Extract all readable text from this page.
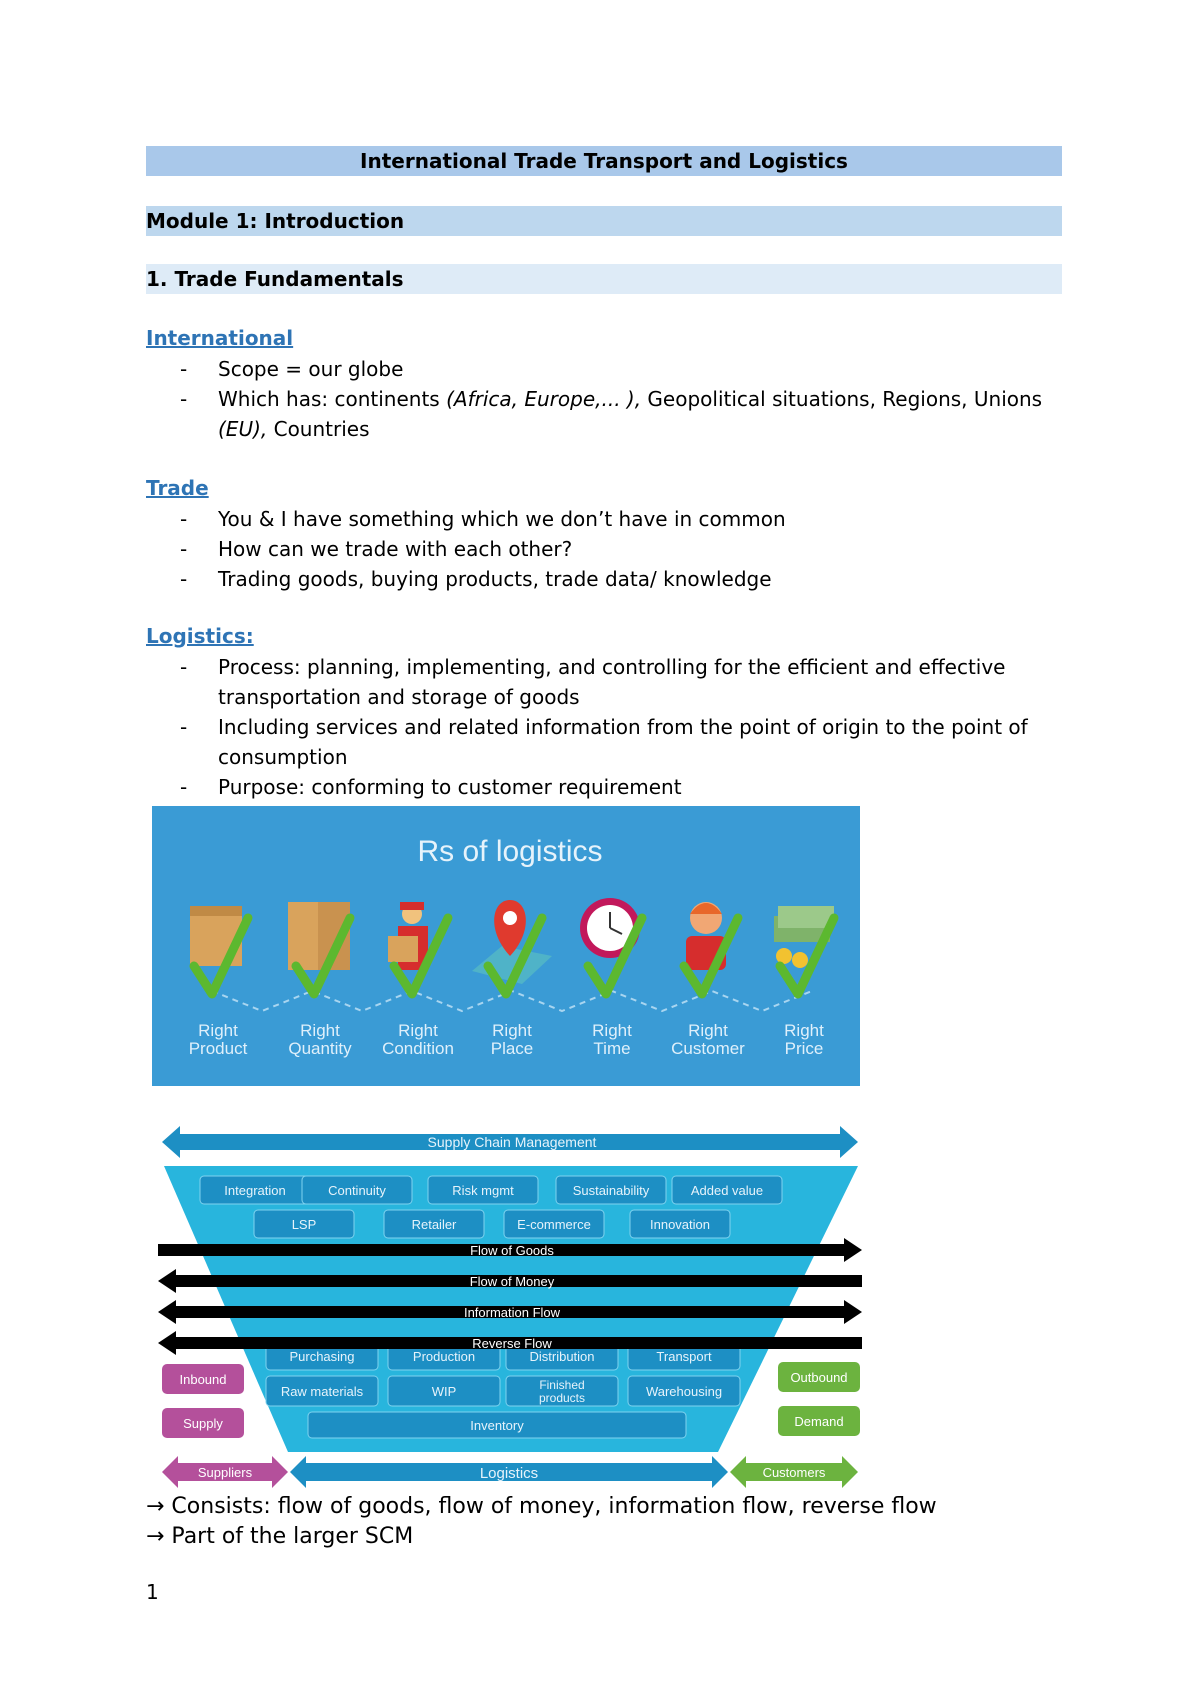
International Trade Transport and Logistics
Module 1: Introduction
1. Trade Fundamentals
International
- Scope = our globe
- Which has: continents (Africa, Europe,... ), Geopolitical situations, Regions, Unions
(EU), Countries
Trade
- You & I have something which we don’t have in common
- How can we trade with each other?
- Trading goods, buying products, trade data/ knowledge
Logistics:
- Process: planning, implementing, and controlling for the efficient and effective
transportation and storage of goods
- Including services and related information from the point of origin to the point of
consumption
- Purpose: conforming to customer requirement
Rs of logistics
Right
Product
Right
Quantity
Right
Condition
Right
Place
Right
Time
Right
Customer
Right
Price
Supply Chain Management
Integration	Continuity	Risk mgmt	Sustainability	Added value
LSP	Retailer	E-commerce	Innovation
Purchasing	Production	Distribution	Transport
Raw materials	WIP	Finished
products	Warehousing
Inventory
Flow of Goods
Flow of Money
Information Flow
Reverse Flow
Inbound
Supply
Outbound
Demand
Suppliers	Logistics	Customers
→ Consists: flow of goods, flow of money, information flow, reverse flow
→ Part of the larger SCM
1
